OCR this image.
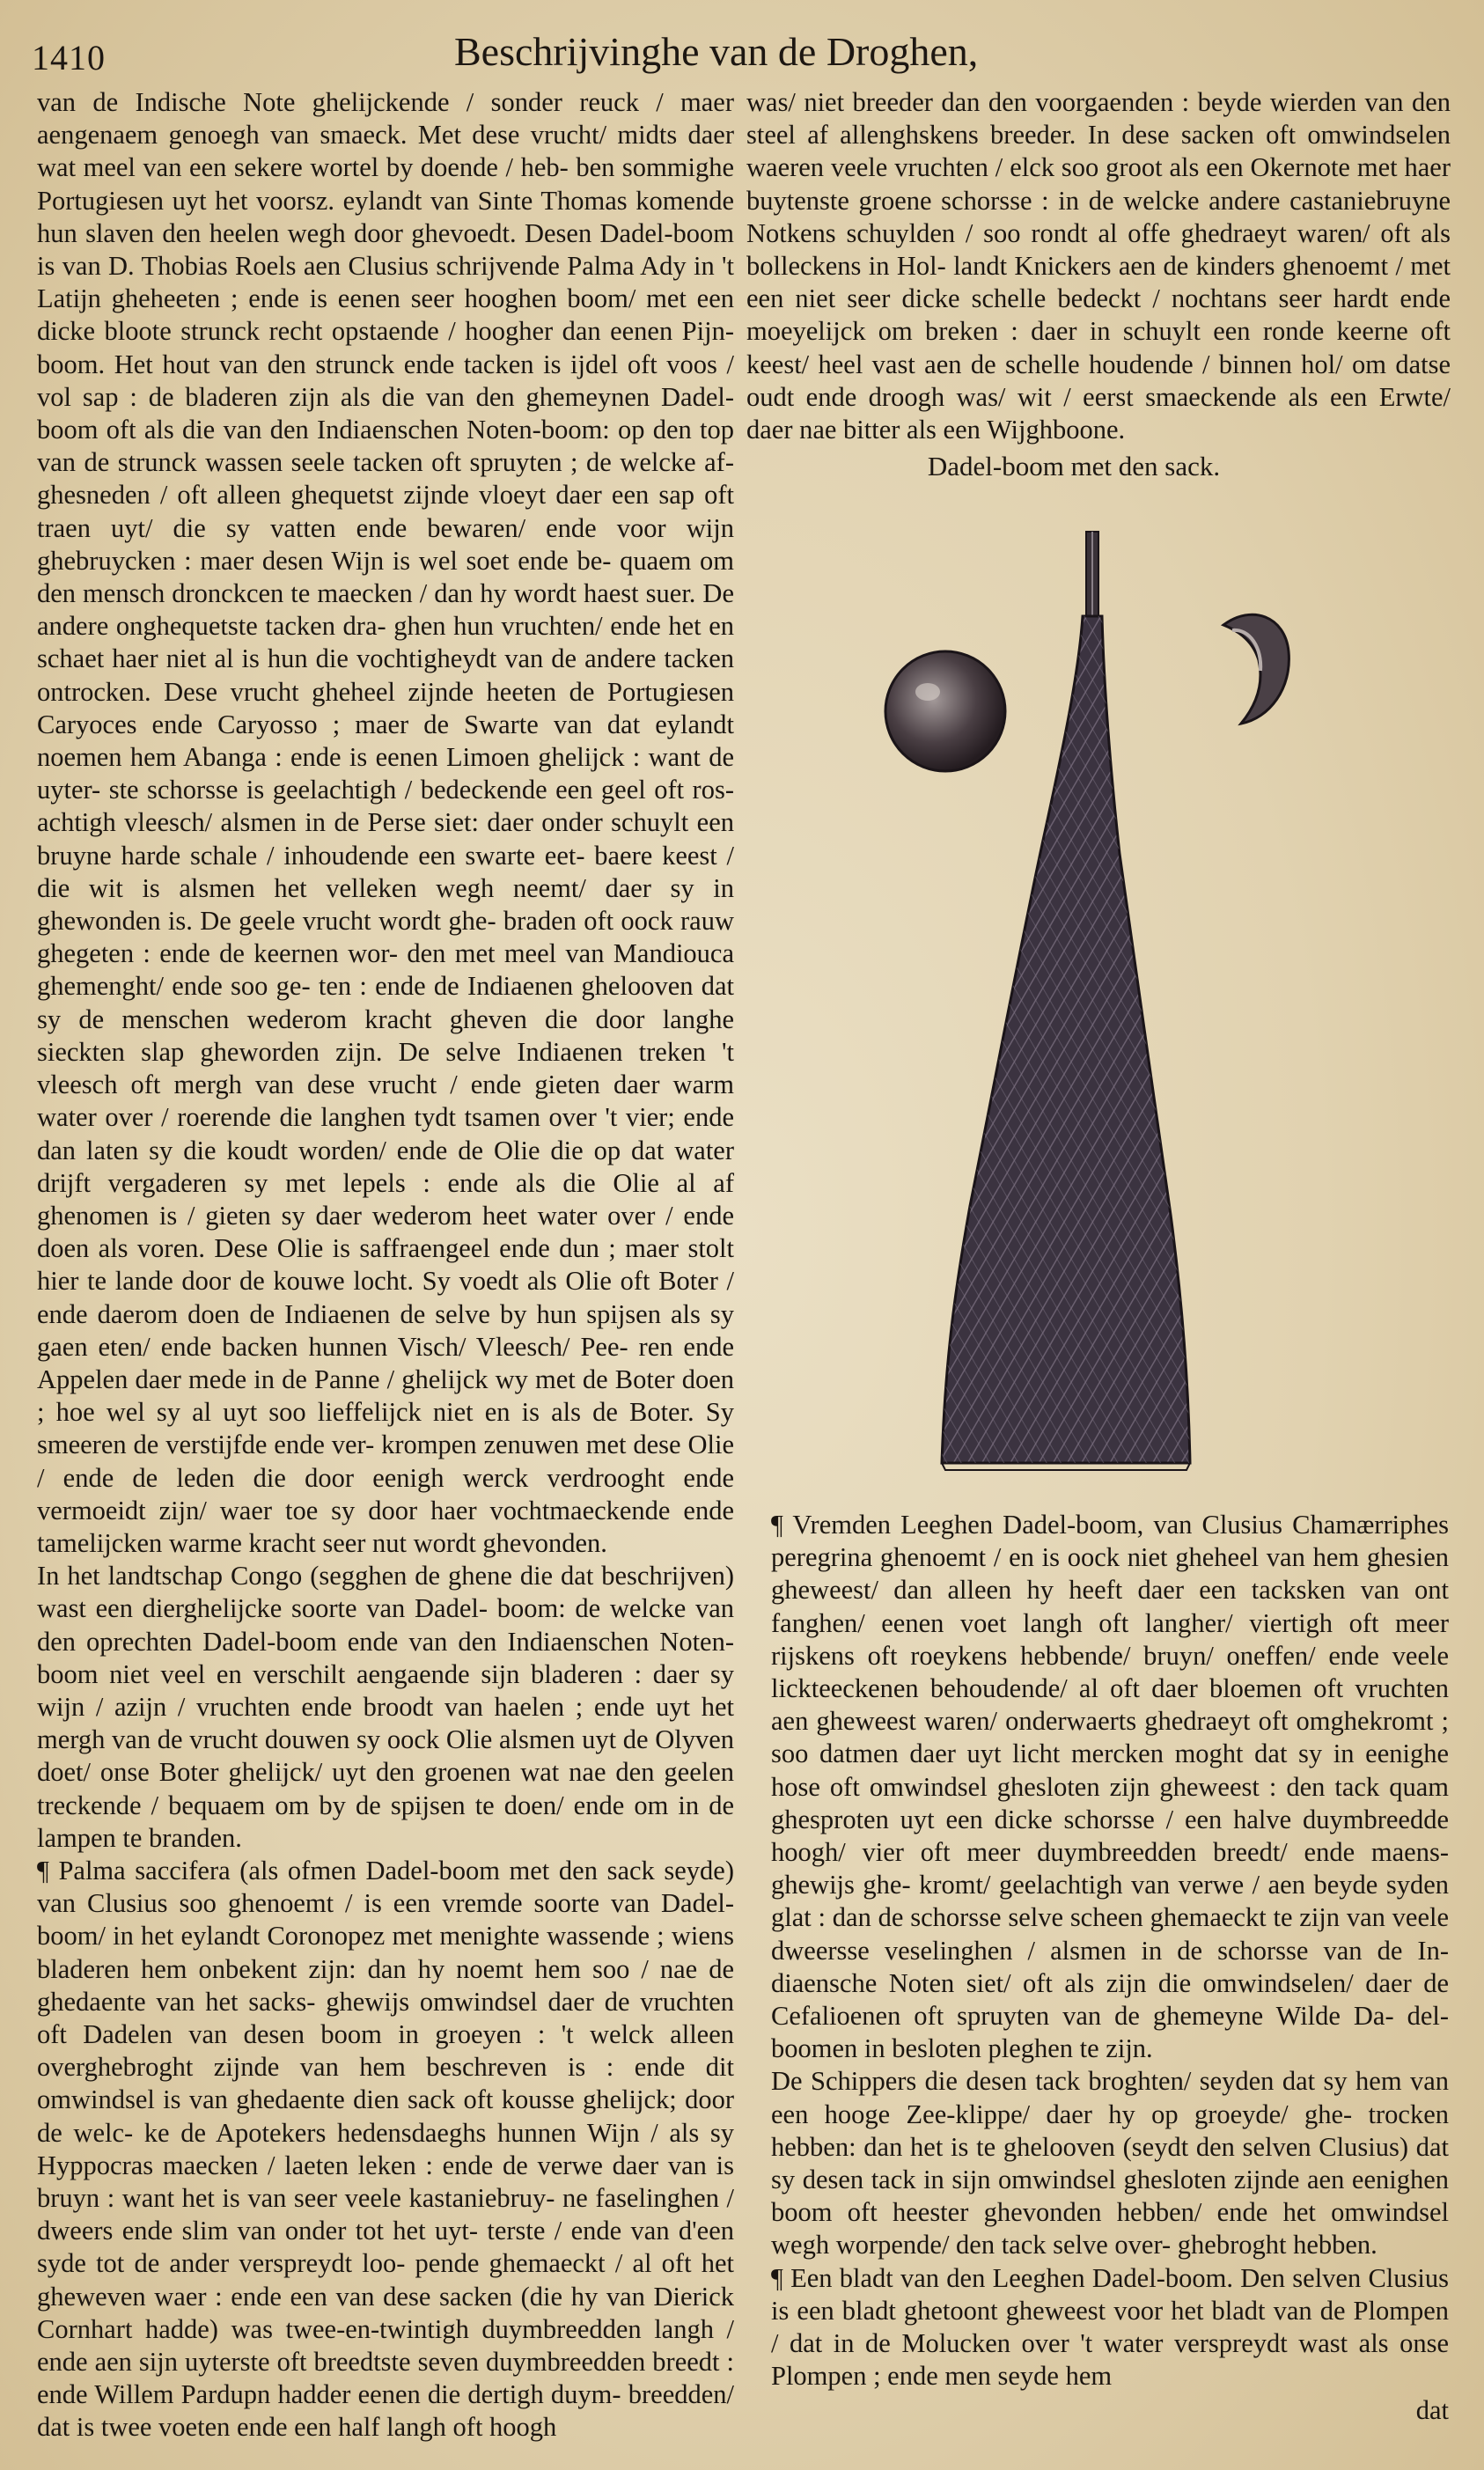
1410	Beschrijvinghe van de Droghen,

van de Indische Note ghelijckende / sonder reuck / maer aengenaem genoegh van smaeck. Met dese vrucht/ midts daer wat meel van een sekere wortel by doende / heb- ben sommighe Portugiesen uyt het voorsz. eylandt van Sinte Thomas komende hun slaven den heelen wegh door ghevoedt. Desen Dadel-boom is van D. Thobias Roels aen Clusius schrijvende Palma Ady in 't Latijn gheheeten ; ende is eenen seer hooghen boom/ met een dicke bloote strunck recht opstaende / hoogher dan eenen Pijn-boom. Het hout van den strunck ende tacken is ijdel oft voos / vol sap : de bladeren zijn als die van den ghemeynen Dadel-boom oft als die van den Indiaenschen Noten-boom: op den top van de strunck wassen seele tacken oft spruyten ; de welcke af- ghesneden / oft alleen ghequetst zijnde vloeyt daer een sap oft traen uyt/ die sy vatten ende bewaren/ ende voor wijn ghebruycken : maer desen Wijn is wel soet ende be- quaem om den mensch dronckcen te maecken / dan hy wordt haest suer. De andere onghequetste tacken dra- ghen hun vruchten/ ende het en schaet haer niet al is hun die vochtigheydt van de andere tacken ontrocken. Dese vrucht gheheel zijnde heeten de Portugiesen Caryoces ende Caryosso ; maer de Swarte van dat eylandt noemen hem Abanga : ende is eenen Limoen ghelijck : want de uyter- ste schorsse is geelachtigh / bedeckende een geel oft ros- achtigh vleesch/ alsmen in de Perse siet: daer onder schuylt een bruyne harde schale / inhoudende een swarte eet- baere keest / die wit is alsmen het velleken wegh neemt/ daer sy in ghewonden is. De geele vrucht wordt ghe- braden oft oock rauw ghegeten : ende de keernen wor- den met meel van Mandiouca ghemenght/ ende soo ge- ten : ende de Indiaenen ghelooven dat sy de menschen wederom kracht gheven die door langhe sieckten slap gheworden zijn. De selve Indiaenen treken 't vleesch oft mergh van dese vrucht / ende gieten daer warm water over / roerende die langhen tydt tsamen over 't vier; ende dan laten sy die koudt worden/ ende de Olie die op dat water drijft vergaderen sy met lepels : ende als die Olie al af ghenomen is / gieten sy daer wederom heet water over / ende doen als voren. Dese Olie is saffraengeel ende dun ; maer stolt hier te lande door de kouwe locht. Sy voedt als Olie oft Boter / ende daerom doen de Indiaenen de selve by hun spijsen als sy gaen eten/ ende backen hunnen Visch/ Vleesch/ Pee- ren ende Appelen daer mede in de Panne / ghelijck wy met de Boter doen ; hoe wel sy al uyt soo lieffelijck niet en is als de Boter. Sy smeeren de verstijfde ende ver- krompen zenuwen met dese Olie / ende de leden die door eenigh werck verdrooght ende vermoeidt zijn/ waer toe sy door haer vochtmaeckende ende tamelijcken warme kracht seer nut wordt ghevonden.

In het landtschap Congo (segghen de ghene die dat beschrijven) wast een dierghelijcke soorte van Dadel- boom: de welcke van den oprechten Dadel-boom ende van den Indiaenschen Noten-boom niet veel en verschilt aengaende sijn bladeren : daer sy wijn / azijn / vruchten ende broodt van haelen ; ende uyt het mergh van de vrucht douwen sy oock Olie alsmen uyt de Olyven doet/ onse Boter ghelijck/ uyt den groenen wat nae den geelen treckende / bequaem om by de spijsen te doen/ ende om in de lampen te branden.

¶ Palma saccifera (als ofmen Dadel-boom met den sack seyde) van Clusius soo ghenoemt / is een vremde soorte van Dadel-boom/ in het eylandt Coronopez met menighte wassende ; wiens bladeren hem onbekent zijn: dan hy noemt hem soo / nae de ghedaente van het sacks- ghewijs omwindsel daer de vruchten oft Dadelen van desen boom in groeyen : 't welck alleen overghebroght zijnde van hem beschreven is : ende dit omwindsel is van ghedaente dien sack oft kousse ghelijck; door de welc- ke de Apotekers hedensdaeghs hunnen Wijn / als sy Hyppocras maecken / laeten leken : ende de verwe daer van is bruyn : want het is van seer veele kastaniebruy- ne faselinghen / dweers ende slim van onder tot het uyt- terste / ende van d'een syde tot de ander verspreydt loo- pende ghemaeckt / al oft het gheweven waer : ende een van dese sacken (die hy van Dierick Cornhart hadde) was twee-en-twintigh duymbreedden langh / ende aen sijn uyterste oft breedtste seven duymbreedden breedt : ende Willem Pardupn hadder eenen die dertigh duym- breedden/ dat is twee voeten ende een half langh oft hoogh

was/ niet breeder dan den voorgaenden : beyde wierden van den steel af allenghskens breeder. In dese sacken oft omwindselen waeren veele vruchten / elck soo groot als een Okernote met haer buytenste groene schorsse : in de welcke andere castaniebruyne Notkens schuylden / soo rondt al offe ghedraeyt waren/ oft als bolleckens in Hol- landt Knickers aen de kinders ghenoemt / met een niet seer dicke schelle bedeckt / nochtans seer hardt ende moeyelijck om breken : daer in schuylt een ronde keerne oft keest/ heel vast aen de schelle houdende / binnen hol/ om datse oudt ende droogh was/ wit / eerst smaeckende als een Erwte/ daer nae bitter als een Wijghboone.

Dadel-boom met den sack.

¶ Vremden Leeghen Dadel-boom, van Clusius Chamærriphes peregrina ghenoemt / en is oock niet gheheel van hem ghesien gheweest/ dan alleen hy heeft daer een tacksken van ont fanghen/ eenen voet langh oft langher/ viertigh oft meer rijskens oft roeykens hebbende/ bruyn/ oneffen/ ende veele lickteeckenen behoudende/ al oft daer bloemen oft vruchten aen gheweest waren/ onderwaerts ghedraeyt oft omghekromt ; soo datmen daer uyt licht mercken moght dat sy in eenighe hose oft omwindsel ghesloten zijn gheweest : den tack quam ghesproten uyt een dicke schorsse / een halve duymbreedde hoogh/ vier oft meer duymbreedden breedt/ ende maens-ghewijs ghe- kromt/ geelachtigh van verwe / aen beyde syden glat : dan de schorsse selve scheen ghemaeckt te zijn van veele dweersse veselinghen / alsmen in de schorsse van de In- diaensche Noten siet/ oft als zijn die omwindselen/ daer de Cefalioenen oft spruyten van de ghemeyne Wilde Da- del-boomen in besloten pleghen te zijn.

De Schippers die desen tack broghten/ seyden dat sy hem van een hooge Zee-klippe/ daer hy op groeyde/ ghe- trocken hebben: dan het is te ghelooven (seydt den selven Clusius) dat sy desen tack in sijn omwindsel ghesloten zijnde aen eenighen boom oft heester ghevonden hebben/ ende het omwindsel wegh worpende/ den tack selve over- ghebroght hebben.

¶ Een bladt van den Leeghen Dadel-boom. Den selven Clusius is een bladt ghetoont gheweest voor het bladt van de Plompen / dat in de Molucken over 't water verspreydt wast als onse Plompen ; ende men seyde hem

dat
